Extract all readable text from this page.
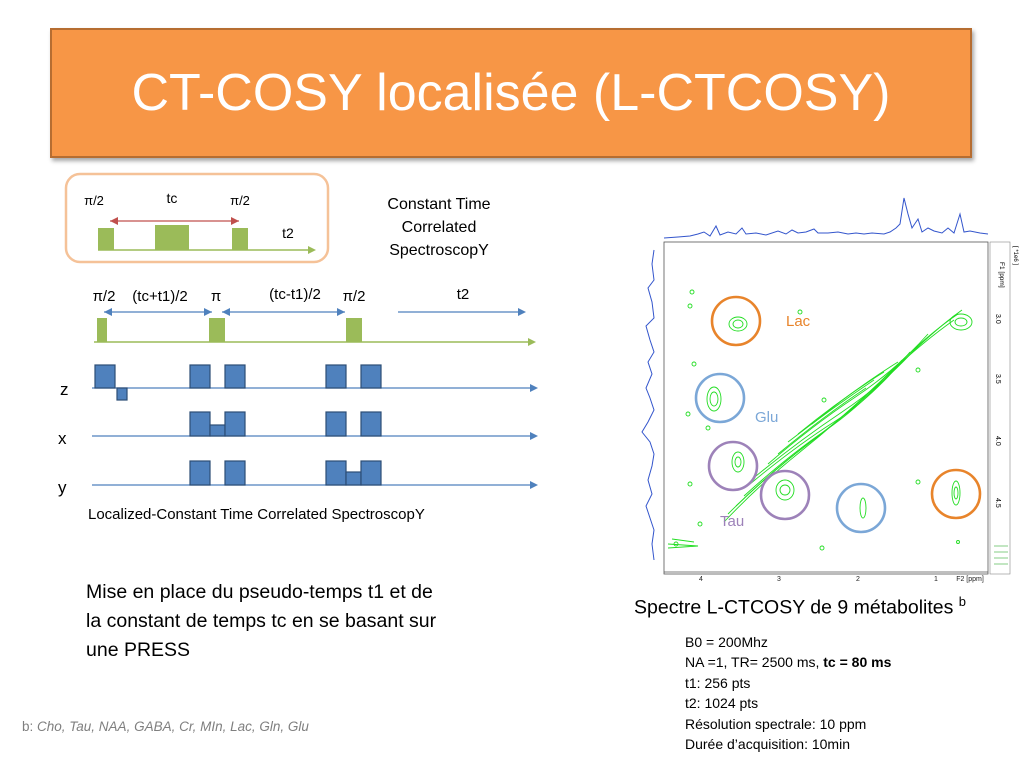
CT-COSY localisée (L-CTCOSY)
π/2	tc	π/2
t2
Constant Time
Correlated
SpectroscopY
π/2 (tc+t1)/2 π	(tc-t1)/2 π/2	t2
z
x
y
Localized-Constant Time Correlated SpectroscopY
Mise en place du pseudo-temps t1 et de
la constant de temps tc en se basant sur
une PRESS
F1 [ppm]
[ *1e6 ]
3.0
3.5
4.0
4.5
Lac
Glu
Tau
4	3	2	1	F2 [ppm]
Spectre L-CTCOSY de 9 métabolites $^b$
B0 = 200Mhz
NA =1, TR= 2500 ms, tc = 80 ms
t1: 256 pts
t2: 1024 pts
Résolution spectrale: 10 ppm
Durée d’acquisition: 10min
b: Cho, Tau, NAA, GABA, Cr, MIn, Lac, Gln, Glu
